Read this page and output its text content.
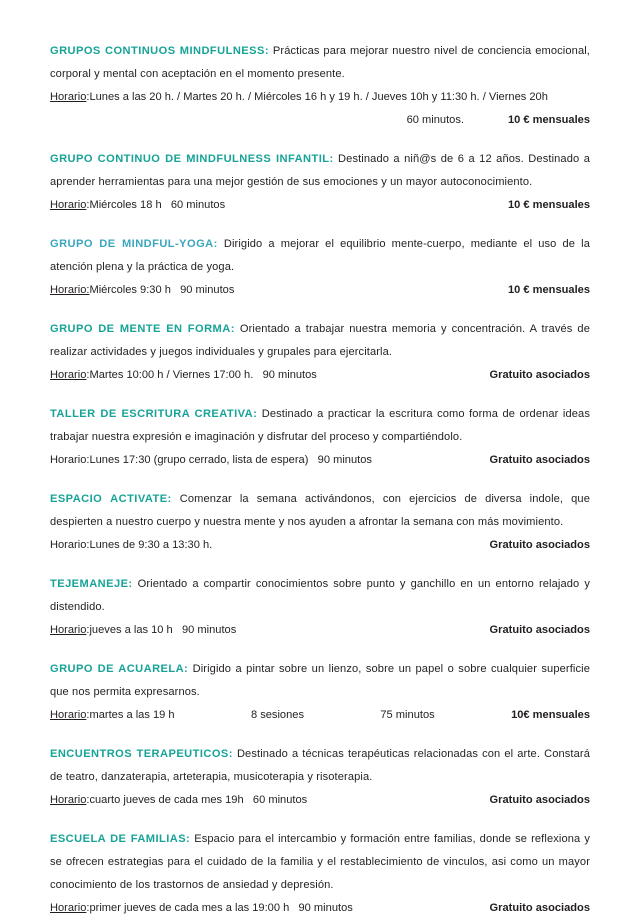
GRUPOS CONTINUOS MINDFULNESS: Prácticas para mejorar nuestro nivel de conciencia emocional, corporal y mental con aceptación en el momento presente.

Horario : Lunes a las 20 h. / Martes 20 h. / Miércoles 16 h y 19 h. / Jueves 10h y 11:30 h. / Viernes 20h
60 minutos.	10 € mensuales

GRUPO CONTINUO DE MINDFULNESS INFANTIL: Destinado a niñ@s de 6 a 12 años. Destinado a aprender herramientas para una mejor gestión de sus emociones y un mayor autoconocimiento.

Horario : Miércoles 18 h
60 minutos	10 € mensuales

GRUPO DE MINDFUL-YOGA: Dirigido a mejorar el equilibrio mente-cuerpo, mediante el uso de la atención plena y la práctica de yoga.

Horario: Miércoles 9:30 h
90 minutos	10 € mensuales

GRUPO DE MENTE EN FORMA: Orientado a trabajar nuestra memoria y concentración. A través de realizar actividades y juegos individuales y grupales para ejercitarla.

Horario : Martes 10:00 h / Viernes 17:00 h.
90 minutos	Gratuito asociados

TALLER DE ESCRITURA CREATIVA: Destinado a practicar la escritura como forma de ordenar ideas trabajar nuestra expresión e imaginación y disfrutar del proceso y compartiéndolo.

Horario: Lunes 17:30 (grupo cerrado, lista de espera)
90 minutos	Gratuito asociados

ESPACIO ACTIVATE: Comenzar la semana activándonos, con ejercicios de diversa indole, que despierten a nuestro cuerpo y nuestra mente y nos ayuden a afrontar la semana con más movimiento.

Horario: Lunes de 9:30 a 13:30 h.	Gratuito asociados

TEJEMANEJE: Orientado a compartir conocimientos sobre punto y ganchillo en un entorno relajado y distendido.

Horario : jueves a las 10 h
90 minutos	Gratuito asociados

GRUPO DE ACUARELA: Dirigido a pintar sobre un lienzo, sobre un papel o sobre cualquier superficie que nos permita expresarnos.

Horario : martes a las 19 h	8 sesiones	75 minutos	10€ mensuales

ENCUENTROS TERAPEUTICOS: Destinado a técnicas terapéuticas relacionadas con el arte. Constará de teatro, danzaterapia, arteterapia, musicoterapia y risoterapia.

Horario : cuarto jueves de cada mes 19h
60 minutos	Gratuito asociados

ESCUELA DE FAMILIAS: Espacio para el intercambio y formación entre familias, donde se reflexiona y se ofrecen estrategias para el cuidado de la familia y el restablecimiento de vinculos, asi como un mayor conocimiento de los trastornos de ansiedad y depresión.

Horario : primer jueves de cada mes a las 19:00 h
90 minutos	Gratuito asociados
